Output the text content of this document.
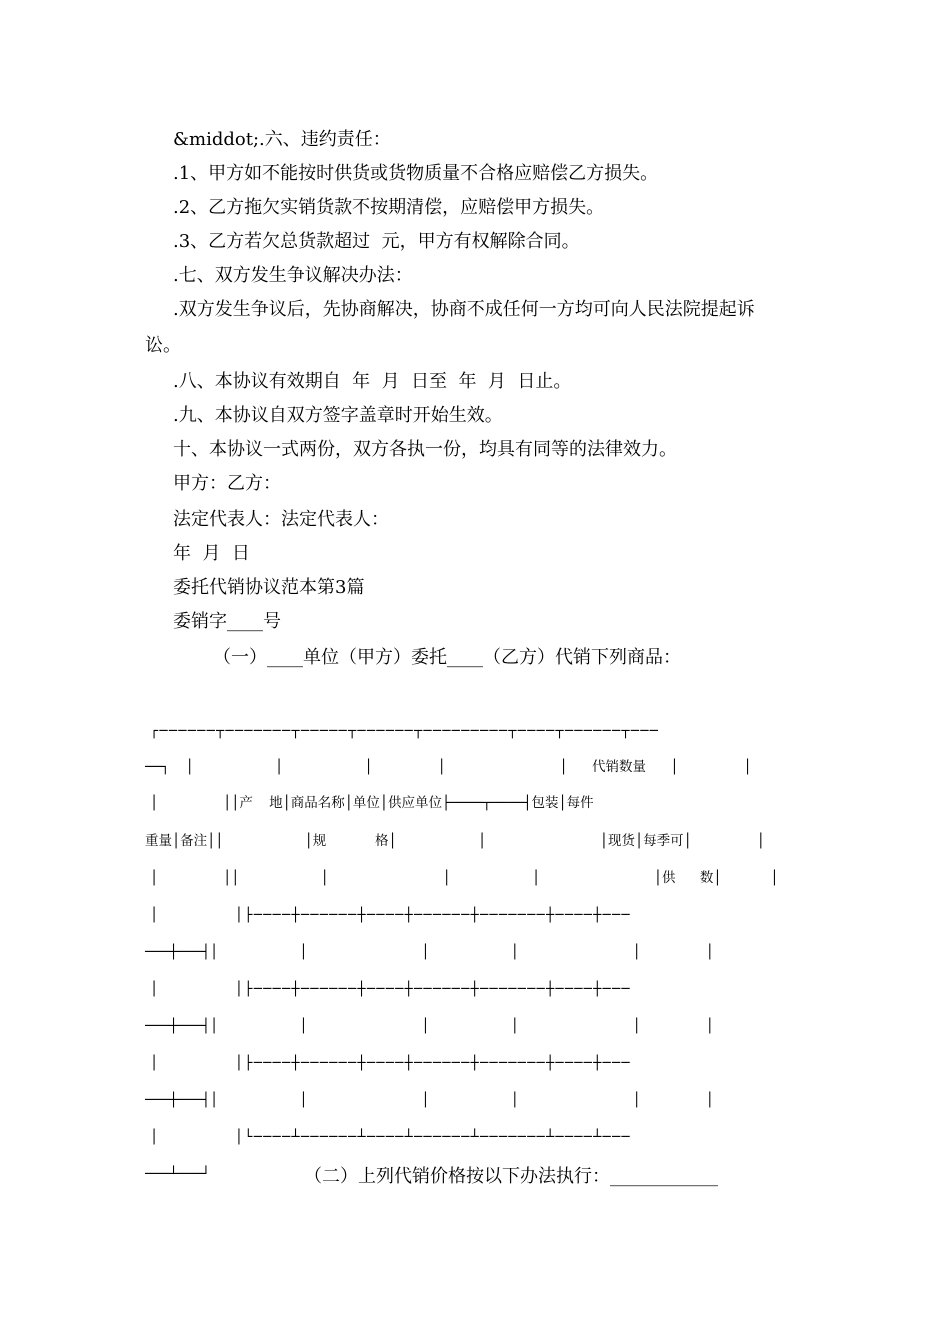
&middot;.六、违约责任：

.1、甲方如不能按时供货或货物质量不合格应赔偿乙方损失。

.2、乙方拖欠实销货款不按期清偿，应赔偿甲方损失。

.3、乙方若欠总货款超过  元，甲方有权解除合同。

.七、双方发生争议解决办法：

.双方发生争议后，先协商解决，协商不成任何一方均可向人民法院提起诉

讼。

.八、本协议有效期自  年  月  日至  年  月  日止。

.九、本协议自双方签字盖章时开始生效。

十、本协议一式两份，双方各执一份，均具有同等的法律效力。

甲方：乙方：

法定代表人：法定代表人：

年  月  日

委托代销协议范本第3篇

委销字____号

（一）____单位（甲方）委托____（乙方）代销下列商品：

┌──────┬───────┬─────┬──────┬─────────┬────┬──────┬───

──┐  │          │          │        │              │   代销数量   │        │

│        ││产  地│商品名称│单位│供应单位├────┬────┤包装│每件

重量│备注││          │规      格│          │              │现货│每季可│        │

│        ││          │              │          │              │供   数│      │

│        │├────┼──────┼────┼──────┼───────┼────┼───

───┼───┤│          │              │          │              │        │

│        │├────┼──────┼────┼──────┼───────┼────┼───

───┼───┤│          │              │          │              │        │

│        │├────┼──────┼────┼──────┼───────┼────┼───

───┼───┤│          │              │          │              │        │

│        │└────┴──────┴────┴──────┴───────┴────┴───

───┴───┘	（二）上列代销价格按以下办法执行：____________
